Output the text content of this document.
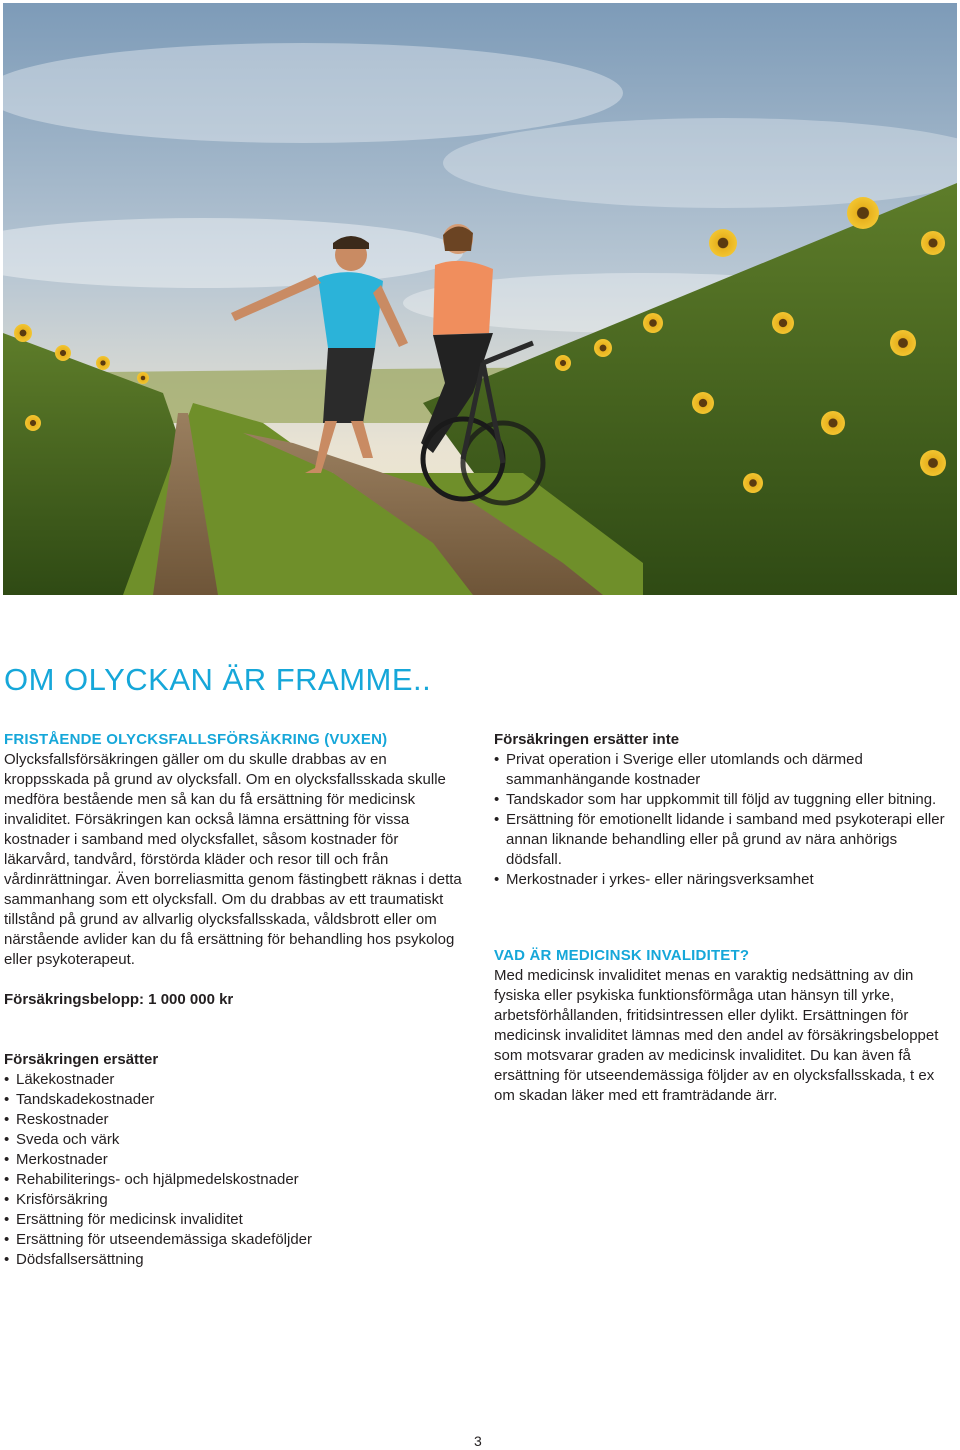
OM OLYCKAN ÄR FRAMME..
FRISTÅENDE OLYCKSFALLSFÖRSÄKRING (VUXEN)

Olycksfallsförsäkringen gäller om du skulle drabbas av en kroppsskada på grund av olycksfall. Om en olycksfallsskada skulle medföra bestående men så kan du få ersättning för medicinsk invaliditet. Försäkringen kan också lämna ersättning för vissa kostnader i samband med olycksfallet, såsom kostnader för läkarvård, tandvård, förstörda kläder och resor till och från vårdinrättningar. Även borreliasmitta genom fästingbett räknas i detta sammanhang som ett olycksfall. Om du drabbas av ett traumatiskt tillstånd på grund av allvarlig olycksfallsskada, våldsbrott eller om närstående avlider kan du få ersättning för behandling hos psykolog eller psykoterapeut.

Försäkringsbelopp: 1 000 000 kr

Försäkringen ersätter

• Läkekostnader
• Tandskadekostnader
• Reskostnader
• Sveda och värk
• Merkostnader
• Rehabiliterings- och hjälpmedelskostnader
• Krisförsäkring
• Ersättning för medicinsk invaliditet
• Ersättning för utseendemässiga skadeföljder
• Dödsfallsersättning

Försäkringen ersätter inte

• Privat operation i Sverige eller utomlands och därmed sammanhängande kostnader
• Tandskador som har uppkommit till följd av tuggning eller bitning.
• Ersättning för emotionellt lidande i samband med psykoterapi eller annan liknande behandling eller på grund av nära anhörigs dödsfall.
• Merkostnader i yrkes- eller näringsverksamhet
VAD ÄR MEDICINSK INVALIDITET?

Med medicinsk invaliditet menas en varaktig nedsättning av din fysiska eller psykiska funktionsförmåga utan hänsyn till yrke, arbetsförhållanden, fritidsintressen eller dylikt. Ersättningen för medicinsk invaliditet lämnas med den andel av försäkringsbeloppet som motsvarar graden av medicinsk invaliditet. Du kan även få ersättning för utseendemässiga följder av en olycksfallsskada, t ex om skadan läker med ett framträdande ärr.

3
